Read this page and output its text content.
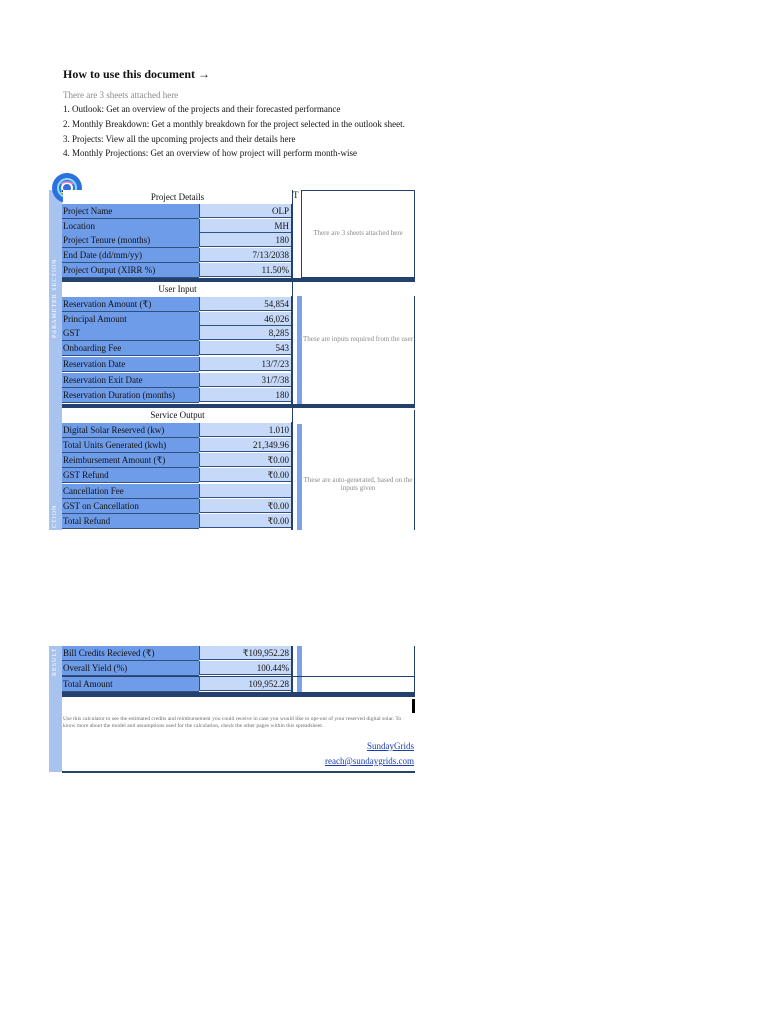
How to use this document →
There are 3 sheets attached here
1. Outlook: Get an overview of the projects and their forecasted performance
2. Monthly Breakdown: Get a monthly breakdown for the project selected in the outlook sheet.
3. Projects: View all the upcoming projects and their details here
4. Monthly Projections: Get an overview of how project will perform month-wise
PARAMETER SECTION
CTION
T
There are 3 sheets attached here
These are inputs required from the user
These are auto-generated, based on the inputs given
Project Details
Project Name	OLP
Location	MH
Project Tenure (months)	180
End Date (dd/mm/yy)	7/13/2038
Project Output (XIRR %)	11.50%
User Input
Reservation Amount (₹)	54,854
Principal Amount	46,026
GST	8,285
Onboarding Fee	543
Reservation Date	13/7/23
Reservation Exit Date	31/7/38
Reservation Duration (months)	180
Service Output
Digital Solar Reserved (kw)	1.010
Total Units Generated (kwh)	21,349.96
Reimbursement Amount (₹)	₹0.00
GST Refund	₹0.00
Cancellation Fee
GST on Cancellation	₹0.00
Total Refund	₹0.00
RESULT Bill Credits Recieved (₹)	₹109,952.28
Overall Yield (%)	100.44%
Total Amount	109,952.28
Use this calculator to see the estimated credits and reimbursement you could receive in case you would like to opt-out of your reserved digital solar. To know more about the model and assumptions used for the calculation, check the other pages within this spreadsheet.
SundayGrids
reach@sundaygrids.com
